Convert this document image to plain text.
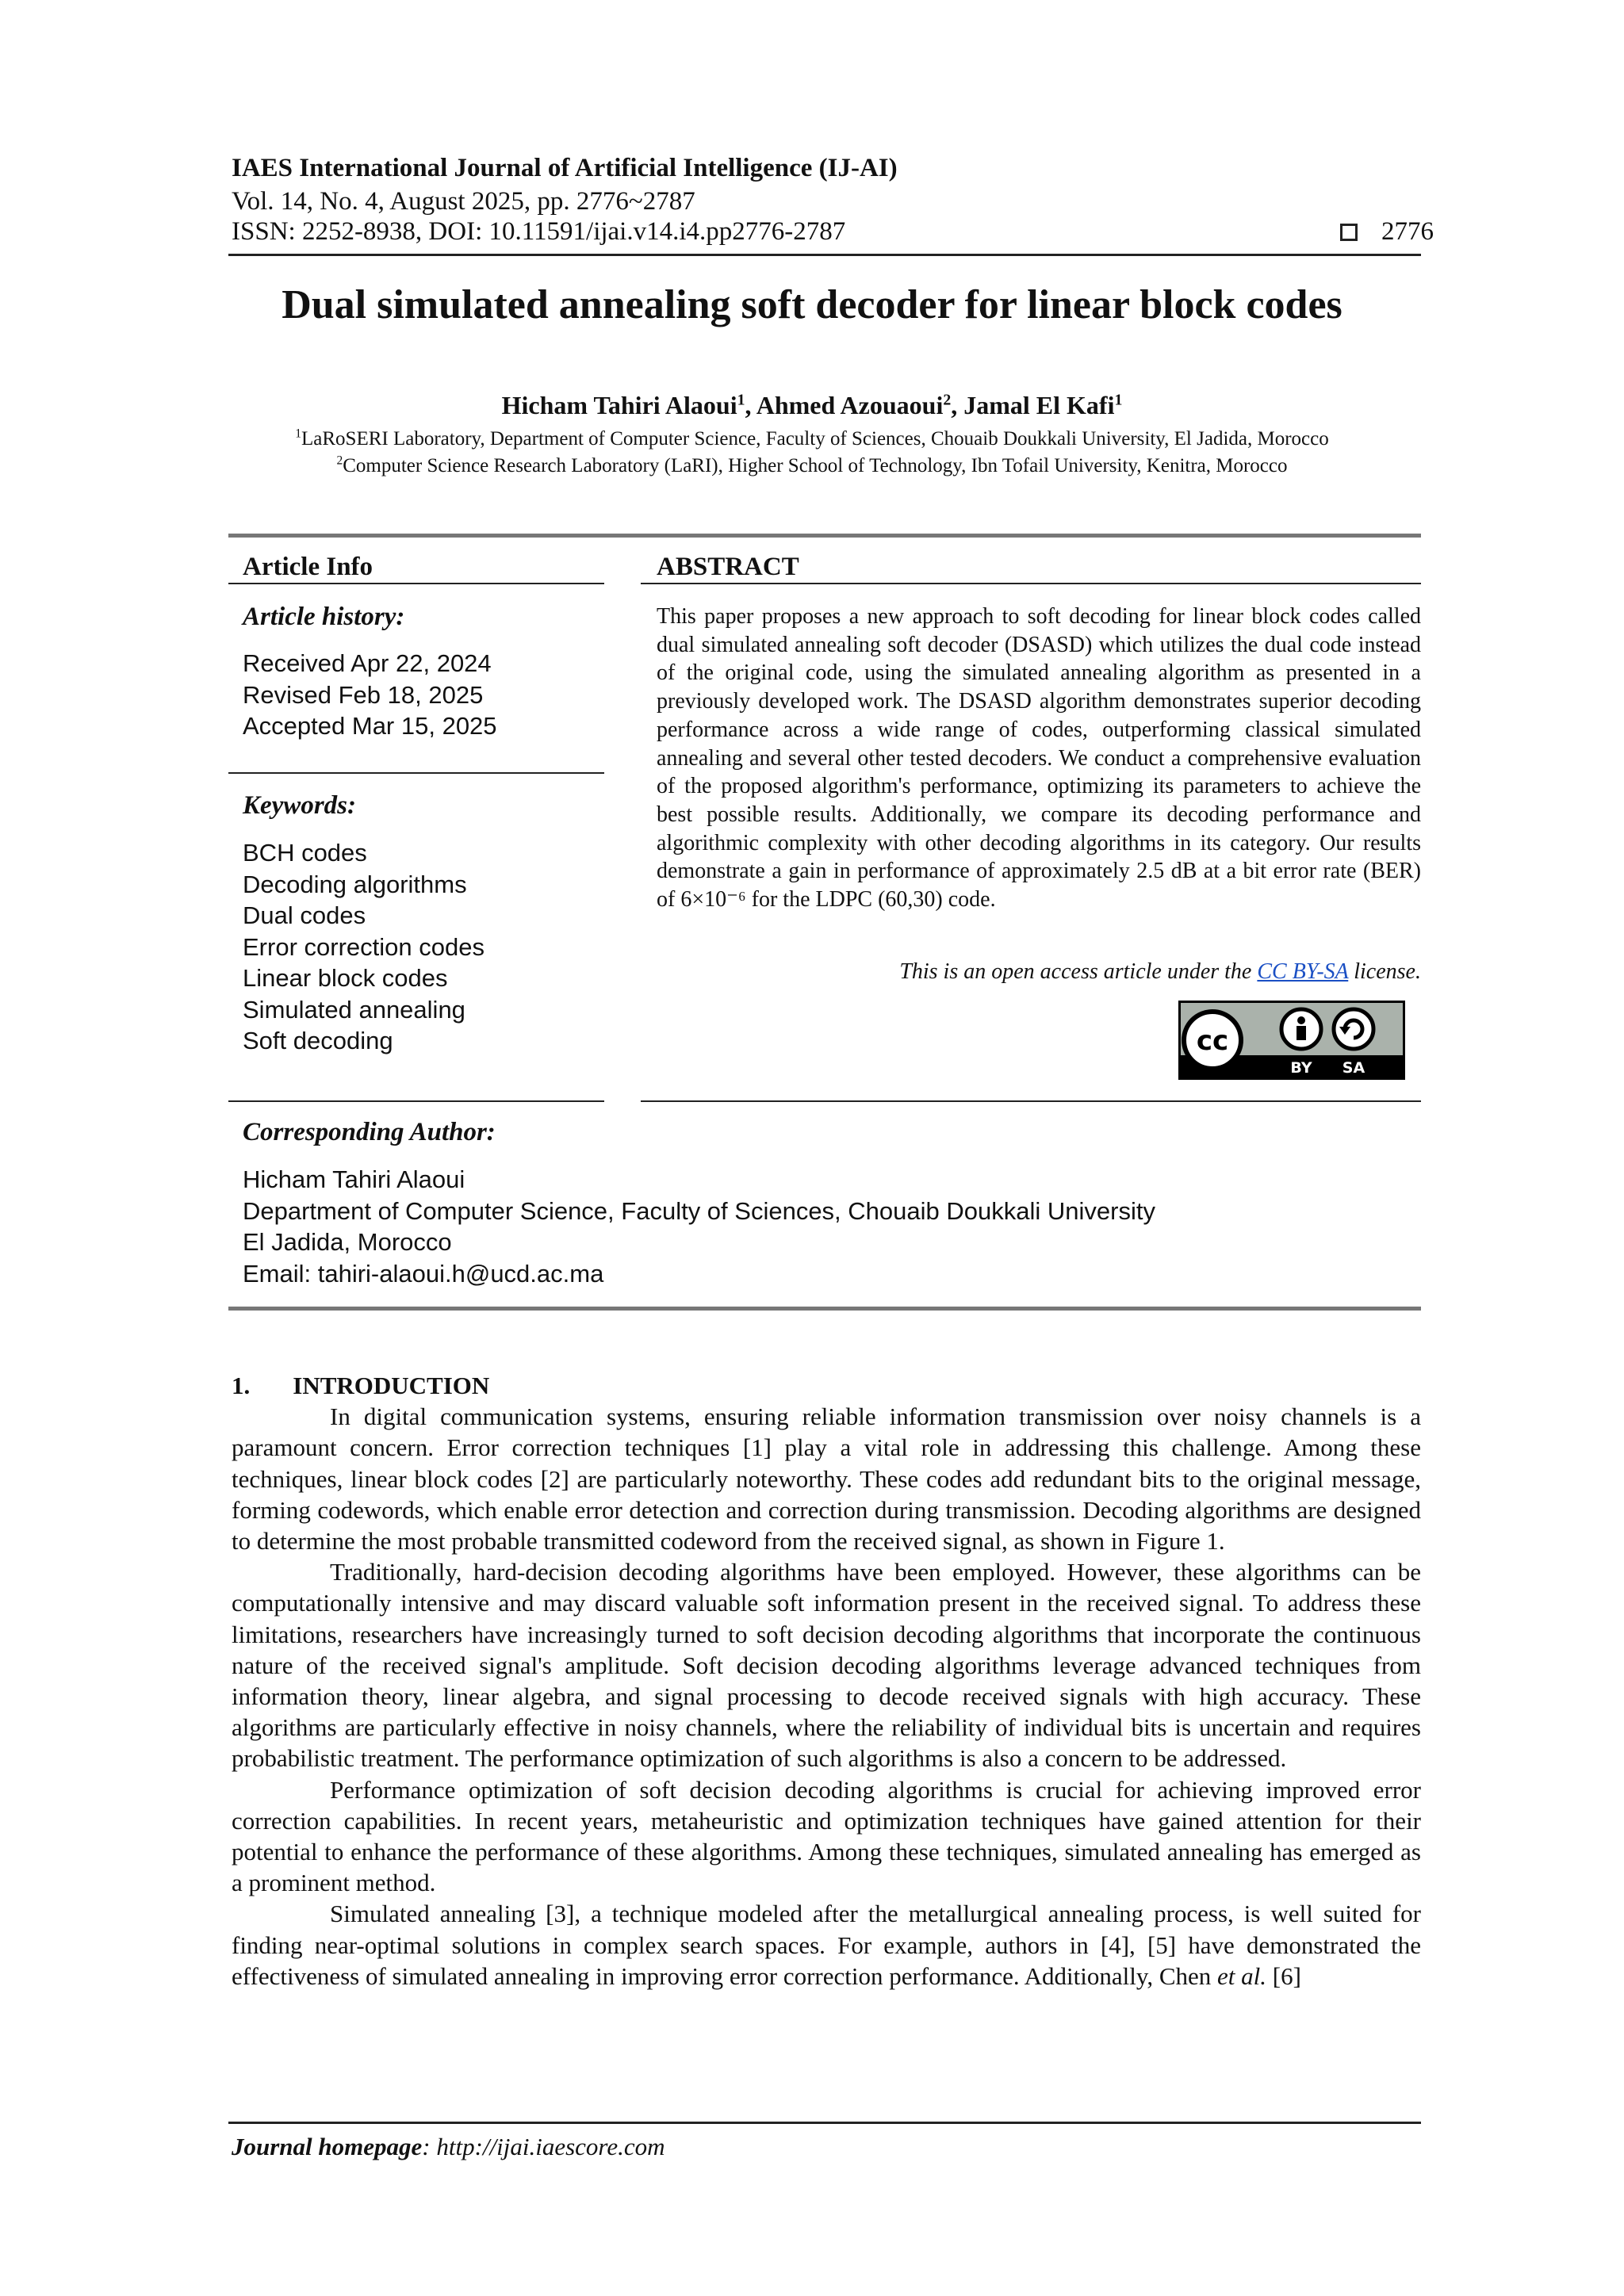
IAES International Journal of Artificial Intelligence (IJ-AI)
Vol. 14, No. 4, August 2025, pp. 2776~2787
ISSN: 2252-8938, DOI: 10.11591/ijai.v14.i4.pp2776-2787	2776
Dual simulated annealing soft decoder for linear block codes
Hicham Tahiri Alaoui$^1$, Ahmed Azouaoui$^2$, Jamal El Kafi$^1$
$^1$LaRoSERI Laboratory, Department of Computer Science, Faculty of Sciences, Chouaib Doukkali University, El Jadida, Morocco
$^2$Computer Science Research Laboratory (LaRI), Higher School of Technology, Ibn Tofail University, Kenitra, Morocco
Article Info
Article history:
Received Apr 22, 2024
Revised Feb 18, 2025
Accepted Mar 15, 2025
Keywords:
BCH codes
Decoding algorithms
Dual codes
Error correction codes
Linear block codes
Simulated annealing
Soft decoding
ABSTRACT
This paper proposes a new approach to soft decoding for linear block codes called dual simulated annealing soft decoder (DSASD) which utilizes the dual code instead of the original code, using the simulated annealing algorithm as presented in a previously developed work. The DSASD algorithm demonstrates superior decoding performance across a wide range of codes, outperforming classical simulated annealing and several other tested decoders. We conduct a comprehensive evaluation of the proposed algorithm's performance, optimizing its parameters to achieve the best possible results. Additionally, we compare its decoding performance and algorithmic complexity with other decoding algorithms in its category. Our results demonstrate a gain in performance of approximately 2.5 dB at a bit error rate (BER) of 6×10⁻⁶ for the LDPC (60,30) code.
This is an open access article under the CC BY-SA license.
cc
BY SA
Corresponding Author:
Hicham Tahiri Alaoui
Department of Computer Science, Faculty of Sciences, Chouaib Doukkali University
El Jadida, Morocco
Email: tahiri-alaoui.h@ucd.ac.ma
1. INTRODUCTION

In digital communication systems, ensuring reliable information transmission over noisy channels is a paramount concern. Error correction techniques [1] play a vital role in addressing this challenge. Among these techniques, linear block codes [2] are particularly noteworthy. These codes add redundant bits to the original message, forming codewords, which enable error detection and correction during transmission. Decoding algorithms are designed to determine the most probable transmitted codeword from the received signal, as shown in Figure 1.

Traditionally, hard-decision decoding algorithms have been employed. However, these algorithms can be computationally intensive and may discard valuable soft information present in the received signal. To address these limitations, researchers have increasingly turned to soft decision decoding algorithms that incorporate the continuous nature of the received signal's amplitude. Soft decision decoding algorithms leverage advanced techniques from information theory, linear algebra, and signal processing to decode received signals with high accuracy. These algorithms are particularly effective in noisy channels, where the reliability of individual bits is uncertain and requires probabilistic treatment. The performance optimization of such algorithms is also a concern to be addressed.

Performance optimization of soft decision decoding algorithms is crucial for achieving improved error correction capabilities. In recent years, metaheuristic and optimization techniques have gained attention for their potential to enhance the performance of these algorithms. Among these techniques, simulated annealing has emerged as a prominent method.

Simulated annealing [3], a technique modeled after the metallurgical annealing process, is well suited for finding near-optimal solutions in complex search spaces. For example, authors in [4], [5] have demonstrated the effectiveness of simulated annealing in improving error correction performance. Additionally, Chen et al. [6]

Journal homepage: http://ijai.iaescore.com
